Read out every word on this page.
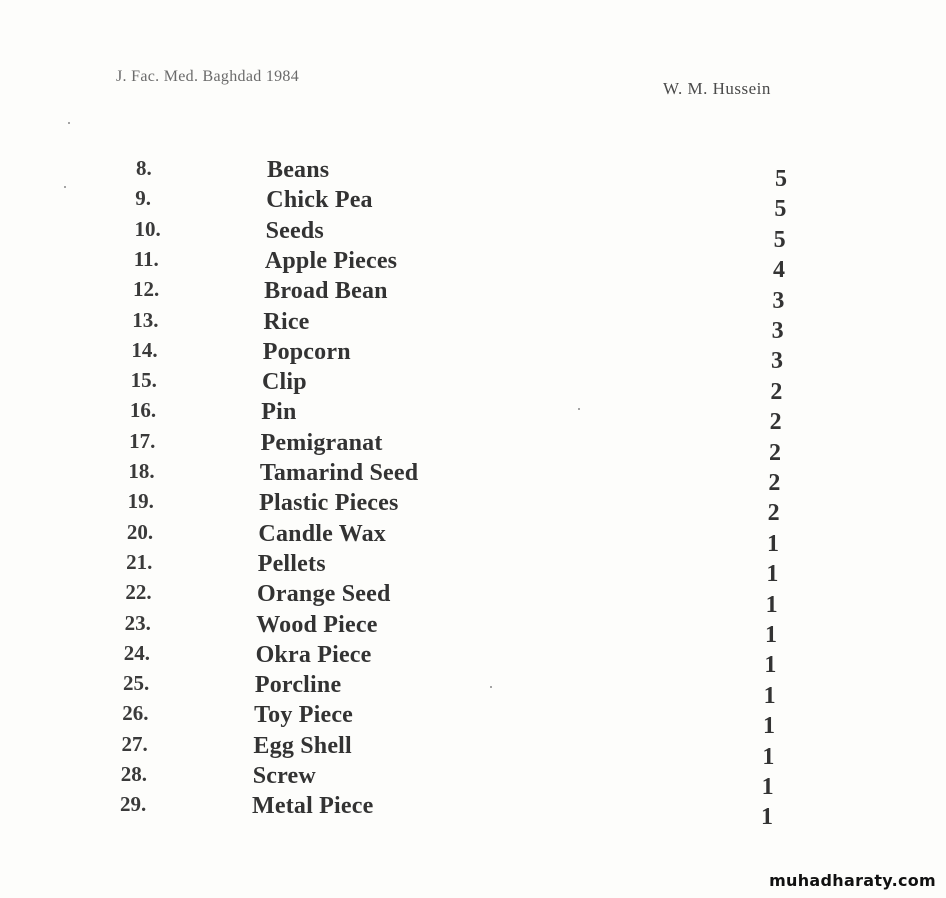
J. Fac. Med. Baghdad 1984
W. M. Hussein
8.	Beans	5
9.	Chick Pea	5
10.	Seeds	5
11.	Apple Pieces	4
12.	Broad Bean	3
13.	Rice	3
14.	Popcorn	3
15.	Clip	2
16.	Pin	2
17.	Pemigranat	2
18.	Tamarind Seed	2
19.	Plastic Pieces	2
20.	Candle Wax	1
21.	Pellets	1
22.	Orange Seed	1
23.	Wood Piece	1
24.	Okra Piece	1
25.	Porcline	1
26.	Toy Piece	1
27.	Egg Shell	1
28.	Screw	1
29.	Metal Piece	1
muhadharaty.com
